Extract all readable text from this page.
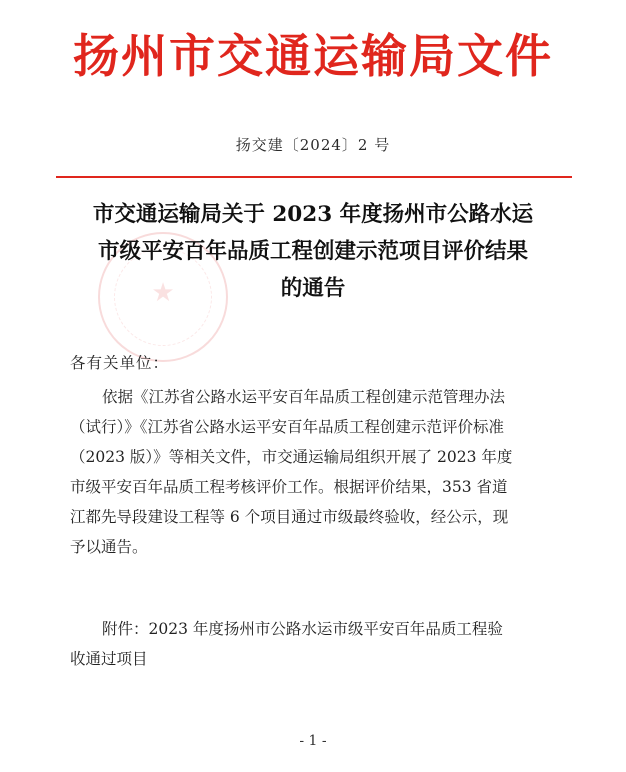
扬州市交通运输局文件
扬交建〔2024〕2 号
★
市交通运输局关于 2023 年度扬州市公路水运
市级平安百年品质工程创建示范项目评价结果
的通告
各有关单位：
依据《江苏省公路水运平安百年品质工程创建示范管理办法
（试行）》《江苏省公路水运平安百年品质工程创建示范评价标准
（2023 版）》等相关文件，市交通运输局组织开展了 2023 年度
市级平安百年品质工程考核评价工作。根据评价结果，353 省道
江都先导段建设工程等 6 个项目通过市级最终验收，经公示，现
予以通告。
附件：2023 年度扬州市公路水运市级平安百年品质工程验
收通过项目
- 1 -
